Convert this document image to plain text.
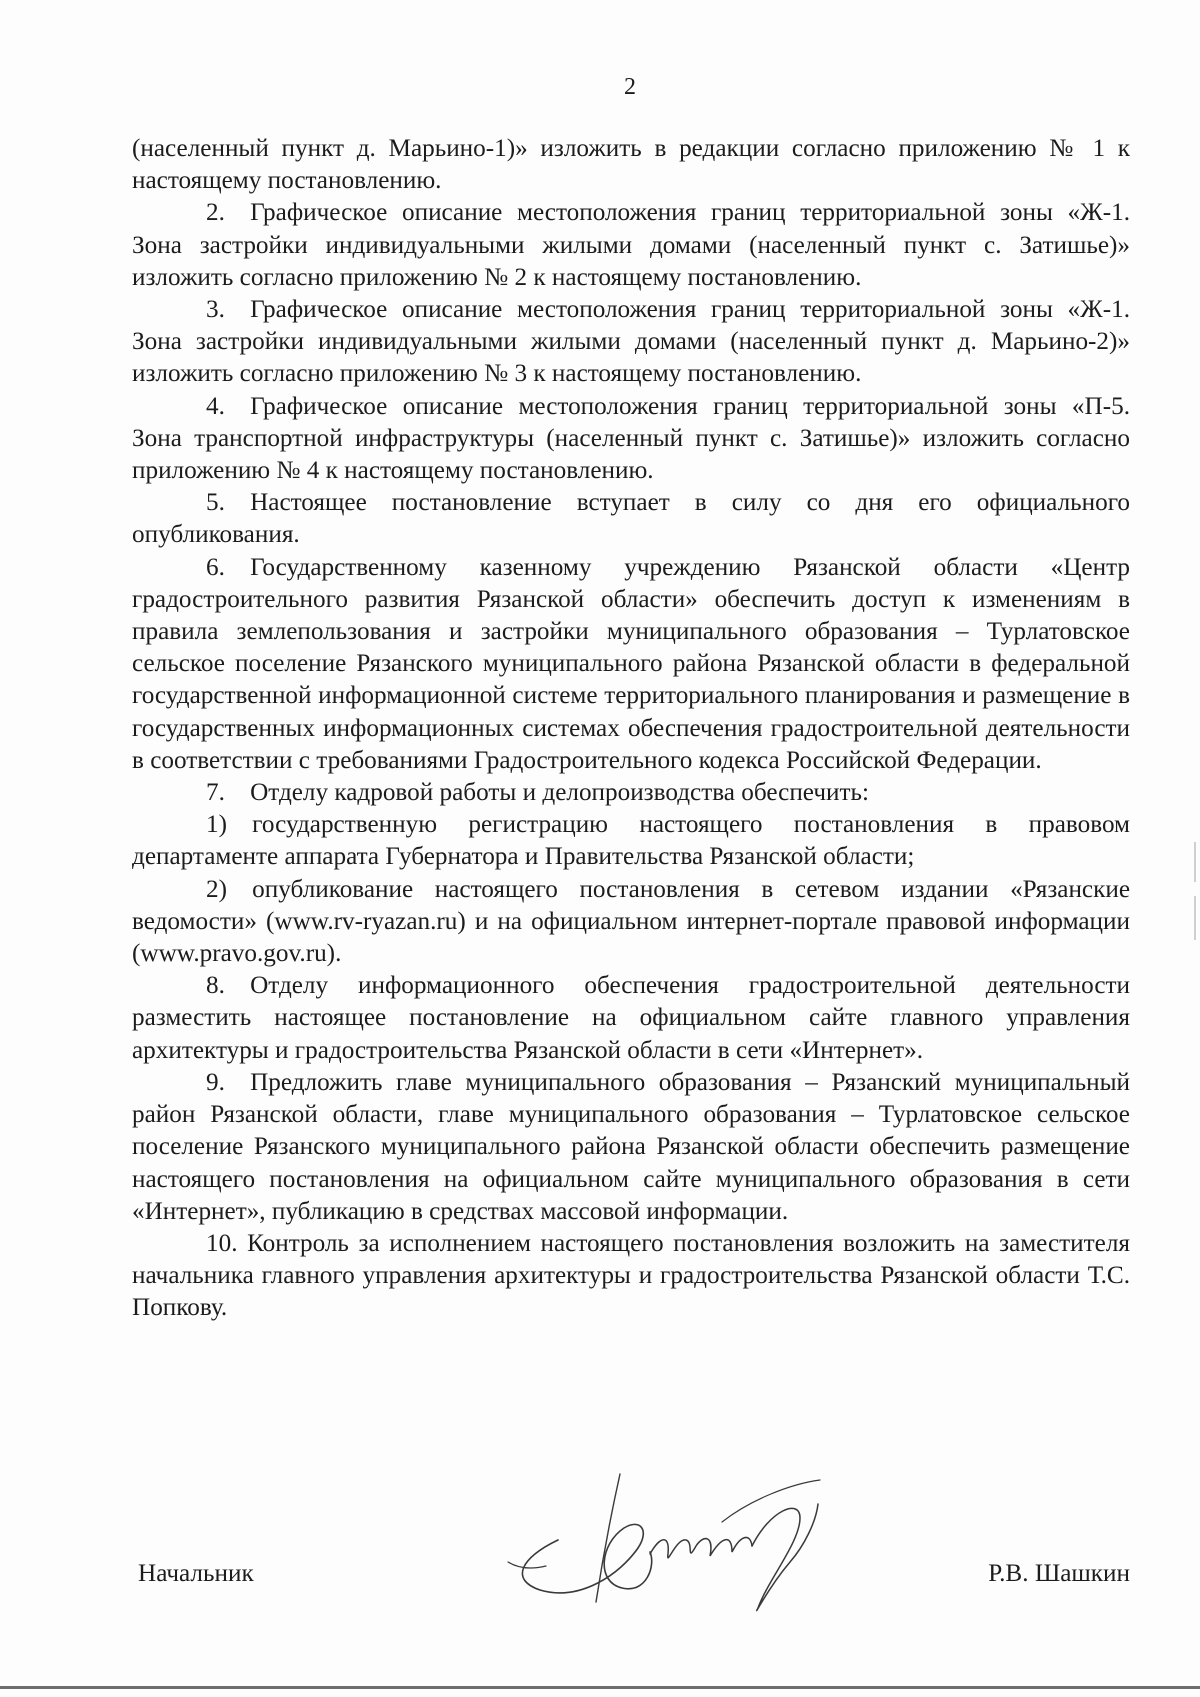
2

(населенный пункт д. Марьино-1)» изложить в редакции согласно приложению № 1 к настоящему постановлению.

2. Графическое описание местоположения границ территориальной зоны «Ж-1. Зона застройки индивидуальными жилыми домами (населенный пункт с. Затишье)» изложить согласно приложению № 2 к настоящему постановлению.

3. Графическое описание местоположения границ территориальной зоны «Ж-1. Зона застройки индивидуальными жилыми домами (населенный пункт д. Марьино-2)» изложить согласно приложению № 3 к настоящему постановлению.

4. Графическое описание местоположения границ территориальной зоны «П-5. Зона транспортной инфраструктуры (населенный пункт с. Затишье)» изложить согласно приложению № 4 к настоящему постановлению.

5. Настоящее постановление вступает в силу со дня его официального опубликования.

6. Государственному казенному учреждению Рязанской области «Центр градостроительного развития Рязанской области» обеспечить доступ к изменениям в правила землепользования и застройки муниципального образования – Турлатовское сельское поселение Рязанского муниципального района Рязанской области в федеральной государственной информационной системе территориального планирования и размещение в государственных информационных системах обеспечения градостроительной деятельности в соответствии с требованиями Градостроительного кодекса Российской Федерации.

7. Отделу кадровой работы и делопроизводства обеспечить:

1) государственную регистрацию настоящего постановления в правовом департаменте аппарата Губернатора и Правительства Рязанской области;

2) опубликование настоящего постановления в сетевом издании «Рязанские ведомости» (www.rv-ryazan.ru) и на официальном интернет-портале правовой информации (www.pravo.gov.ru).

8. Отделу информационного обеспечения градостроительной деятельности разместить настоящее постановление на официальном сайте главного управления архитектуры и градостроительства Рязанской области в сети «Интернет».

9. Предложить главе муниципального образования – Рязанский муниципальный район Рязанской области, главе муниципального образования – Турлатовское сельское поселение Рязанского муниципального района Рязанской области обеспечить размещение настоящего постановления на официальном сайте муниципального образования в сети «Интернет», публикацию в средствах массовой информации.

10. Контроль за исполнением настоящего постановления возложить на заместителя начальника главного управления архитектуры и градостроительства Рязанской области Т.С. Попкову.

Начальник	Р.В. Шашкин
